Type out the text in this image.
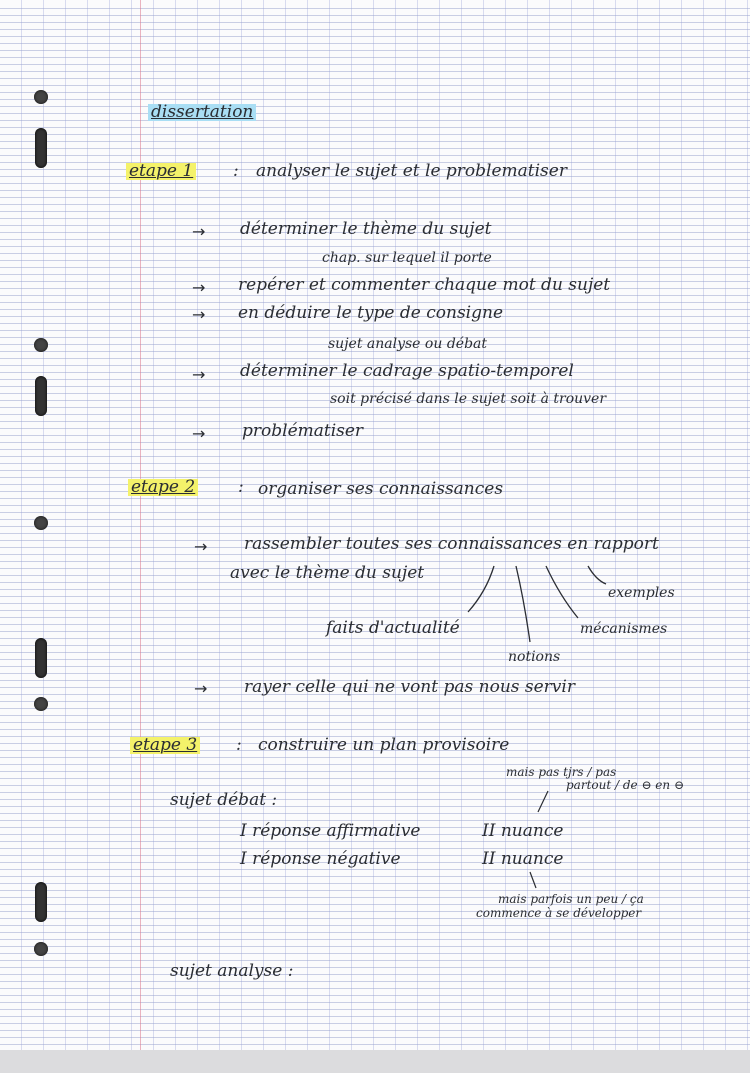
dissertation
etape 1 : analyser le sujet et le problematiser
→ déterminer le thème du sujet
chap. sur lequel il porte
→ repérer et commenter chaque mot du sujet
→ en déduire le type de consigne
sujet analyse ou débat
→ déterminer le cadrage spatio-temporel
soit précisé dans le sujet soit à trouver
→ problématiser
etape 2	: organiser ses connaissances
→ rassembler toutes ses connaissances en rapport
avec le thème du sujet
faits d'actualité
notions
mécanismes
exemples
→ rayer celle qui ne vont pas nous servir
etape 3 : construire un plan provisoire
mais pas tjrs / pas
partout / de ⊖ en ⊖
sujet débat :
I réponse affirmative	II nuance
I réponse négative	II nuance
mais parfois un peu / ça
commence à se développer
sujet analyse :
